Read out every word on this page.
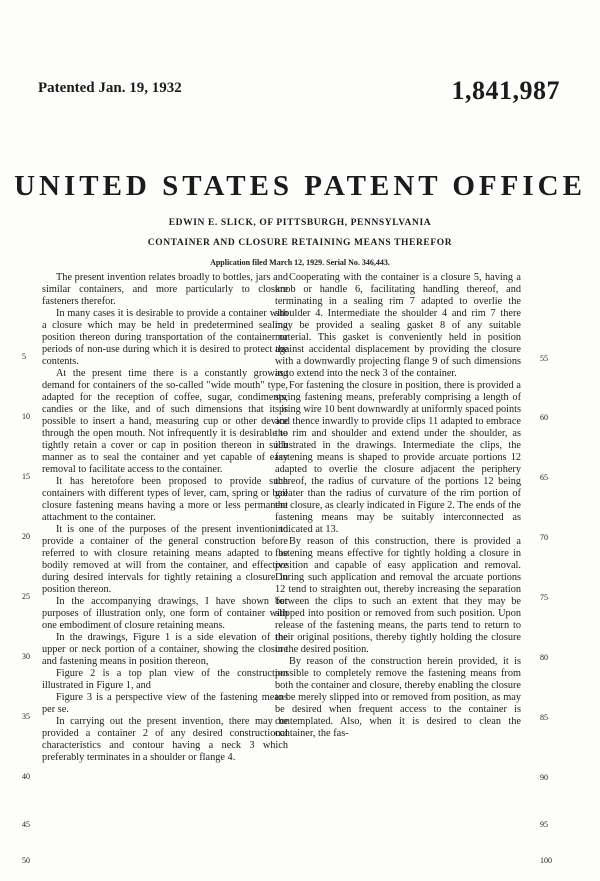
Patented Jan. 19, 1932	1,841,987
UNITED STATES PATENT OFFICE
EDWIN E. SLICK, OF PITTSBURGH, PENNSYLVANIA
CONTAINER AND CLOSURE RETAINING MEANS THEREFOR
Application filed March 12, 1929. Serial No. 346,443.

The present invention relates broadly to bottles, jars and similar containers, and more particularly to closure fasteners therefor.

In many cases it is desirable to provide a container with a closure which may be held in predetermined sealing position thereon during transportation of the container or periods of non-use during which it is desired to protect the contents.

At the present time there is a constantly growing demand for containers of the so-called "wide mouth" type, adapted for the reception of coffee, sugar, condiments, candies or the like, and of such dimensions that it is possible to insert a hand, measuring cup or other device through the open mouth. Not infrequently it is desirable to tightly retain a cover or cap in position thereon in such manner as to seal the container and yet capable of easy removal to facilitate access to the container.

It has heretofore been proposed to provide such containers with different types of lever, cam, spring or bail closure fastening means having a more or less permanent attachment to the container.

It is one of the purposes of the present invention to provide a container of the general construction before referred to with closure retaining means adapted to be bodily removed at will from the container, and effective during desired intervals for tightly retaining a closure in position thereon.

In the accompanying drawings, I have shown for purposes of illustration only, one form of container with one embodiment of closure retaining means.

In the drawings, Figure 1 is a side elevation of the upper or neck portion of a container, showing the closure and fastening means in position thereon,

Figure 2 is a top plan view of the construction illustrated in Figure 1, and

Figure 3 is a perspective view of the fastening means per se.

In carrying out the present invention, there may be provided a container 2 of any desired constructional characteristics and contour having a neck 3 which preferably terminates in a shoulder or flange 4.

Cooperating with the container is a closure 5, having a knob or handle 6, facilitating handling thereof, and terminating in a sealing rim 7 adapted to overlie the shoulder 4. Intermediate the shoulder 4 and rim 7 there may be provided a sealing gasket 8 of any suitable material. This gasket is conveniently held in position against accidental displacement by providing the closure with a downwardly projecting flange 9 of such dimensions as to extend into the neck 3 of the container.

For fastening the closure in position, there is provided a spring fastening means, preferably comprising a length of spring wire 10 bent downwardly at uniformly spaced points and thence inwardly to provide clips 11 adapted to embrace the rim and shoulder and extend under the shoulder, as illustrated in the drawings. Intermediate the clips, the fastening means is shaped to provide arcuate portions 12 adapted to overlie the closure adjacent the periphery thereof, the radius of curvature of the portions 12 being greater than the radius of curvature of the rim portion of the closure, as clearly indicated in Figure 2. The ends of the fastening means may be suitably interconnected as indicated at 13.

By reason of this construction, there is provided a fastening means effective for tightly holding a closure in position and capable of easy application and removal. During such application and removal the arcuate portions 12 tend to straighten out, thereby increasing the separation between the clips to such an extent that they may be slipped into position or removed from such position. Upon release of the fastening means, the parts tend to return to their original positions, thereby tightly holding the closure in the desired position.

By reason of the construction herein provided, it is possible to completely remove the fastening means from both the container and closure, thereby enabling the closure to be merely slipped into or removed from position, as may be desired when frequent access to the container is contemplated. Also, when it is desired to clean the container, the fas-

5
10
15
20
25
30
35
40
45
50
55
60
65
70
75
80
85
90
95
100
